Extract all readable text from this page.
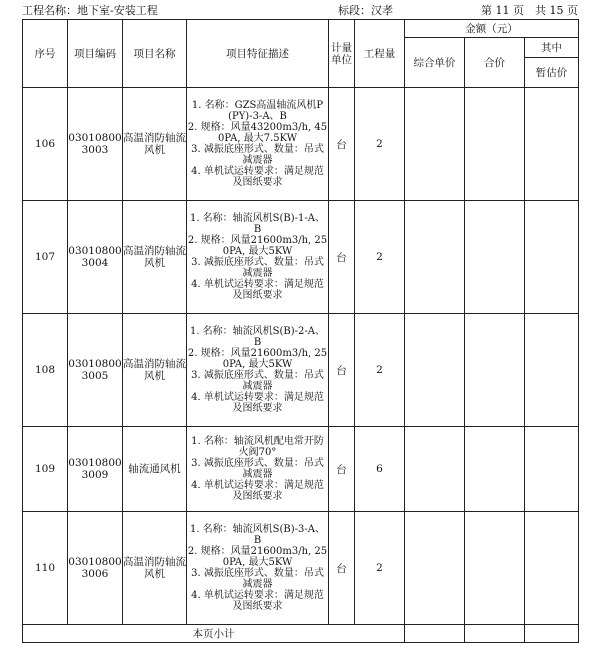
工程名称：地下室-安装工程	标段：汉孝	第 11 页　共 15 页
序号	项目编码	项目名称	项目特征描述	计量单位	工程量	金额（元）		
						综合单价	合价	其中
								暂估价
106	030108003003	高温消防轴流风机	1. 名称：GZS高温轴流风机P(PY)-3-A、B
2. 规格：风量43200m3/h, 450PA, 最大7.5KW
3. 减振底座形式、数量：吊式减震器
4. 单机试运转要求：满足规范及图纸要求	台	2			
107	030108003004	高温消防轴流风机	1. 名称：轴流风机S(B)-1-A、B
2. 规格：风量21600m3/h, 250PA, 最大5KW
3. 减振底座形式、数量：吊式减震器
4. 单机试运转要求：满足规范及图纸要求	台	2			
108	030108003005	高温消防轴流风机	1. 名称：轴流风机S(B)-2-A、B
2. 规格：风量21600m3/h, 250PA, 最大5KW
3. 减振底座形式、数量：吊式减震器
4. 单机试运转要求：满足规范及图纸要求	台	2			
109	030108003009	轴流通风机	1. 名称：轴流风机配电常开防火阀70°
3. 减振底座形式、数量：吊式减震器
4. 单机试运转要求：满足规范及图纸要求	台	6			
110	030108003006	高温消防轴流风机	1. 名称：轴流风机S(B)-3-A、B
2. 规格：风量21600m3/h, 250PA, 最大5KW
3. 减振底座形式、数量：吊式减震器
4. 单机试运转要求：满足规范及图纸要求	台	2			
本页小计								
